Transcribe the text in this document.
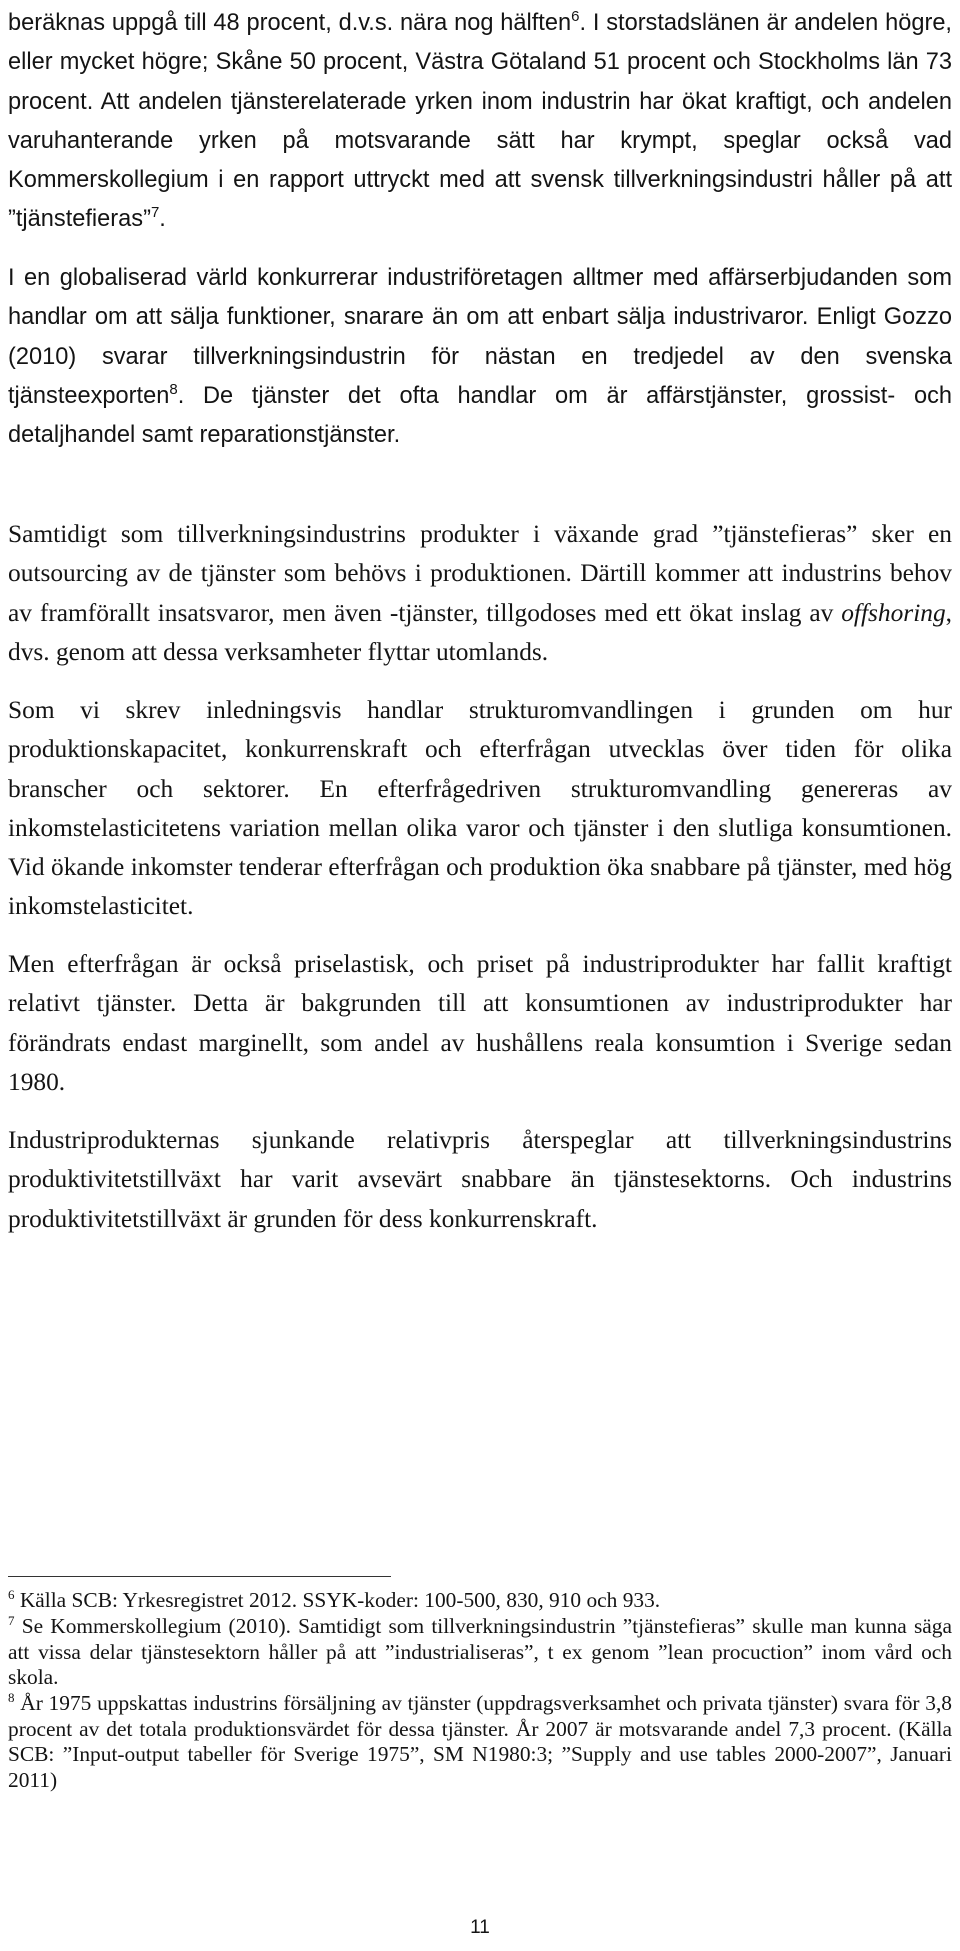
beräknas uppgå till 48 procent, d.v.s. nära nog hälften$^6$. I storstadslänen är andelen högre, eller mycket högre; Skåne 50 procent, Västra Götaland 51 procent och Stockholms län 73 procent. Att andelen tjänsterelaterade yrken inom industrin har ökat kraftigt, och andelen varuhanterande yrken på motsvarande sätt har krympt, speglar också vad Kommerskollegium i en rapport uttryckt med att svensk tillverkningsindustri håller på att ”tjänstefieras”$^7$.
I en globaliserad värld konkurrerar industriföretagen alltmer med affärserbjudanden som handlar om att sälja funktioner, snarare än om att enbart sälja industrivaror. Enligt Gozzo (2010) svarar tillverkningsindustrin för nästan en tredjedel av den svenska tjänsteexporten$^8$. De tjänster det ofta handlar om är affärstjänster, grossist- och detaljhandel samt reparationstjänster.
Samtidigt som tillverkningsindustrins produkter i växande grad ”tjänstefieras” sker en outsourcing av de tjänster som behövs i produktionen. Därtill kommer att industrins behov av framförallt insatsvaror, men även -tjänster, tillgodoses med ett ökat inslag av offshoring, dvs. genom att dessa verksamheter flyttar utomlands.
Som vi skrev inledningsvis handlar strukturomvandlingen i grunden om hur produktionskapacitet, konkurrenskraft och efterfrågan utvecklas över tiden för olika branscher och sektorer. En efterfrågedriven strukturomvandling genereras av inkomstelasticitetens variation mellan olika varor och tjänster i den slutliga konsumtionen. Vid ökande inkomster tenderar efterfrågan och produktion öka snabbare på tjänster, med hög inkomstelasticitet.
Men efterfrågan är också priselastisk, och priset på industriprodukter har fallit kraftigt relativt tjänster. Detta är bakgrunden till att konsumtionen av industriprodukter har förändrats endast marginellt, som andel av hushållens reala konsumtion i Sverige sedan 1980.
Industriprodukternas sjunkande relativpris återspeglar att tillverkningsindustrins produktivitetstillväxt har varit avsevärt snabbare än tjänstesektorns. Och industrins produktivitetstillväxt är grunden för dess konkurrenskraft.
$^6$ Källa SCB: Yrkesregistret 2012. SSYK-koder: 100-500, 830, 910 och 933.
$^7$ Se Kommerskollegium (2010). Samtidigt som tillverkningsindustrin ”tjänstefieras” skulle man kunna säga att vissa delar tjänstesektorn håller på att ”industrialiseras”, t ex genom ”lean procuction” inom vård och skola.
$^8$ År 1975 uppskattas industrins försäljning av tjänster (uppdragsverksamhet och privata tjänster) svara för 3,8 procent av det totala produktionsvärdet för dessa tjänster. År 2007 är motsvarande andel 7,3 procent. (Källa SCB: ”Input-output tabeller för Sverige 1975”, SM N1980:3; ”Supply and use tables 2000-2007”, Januari 2011)
11
